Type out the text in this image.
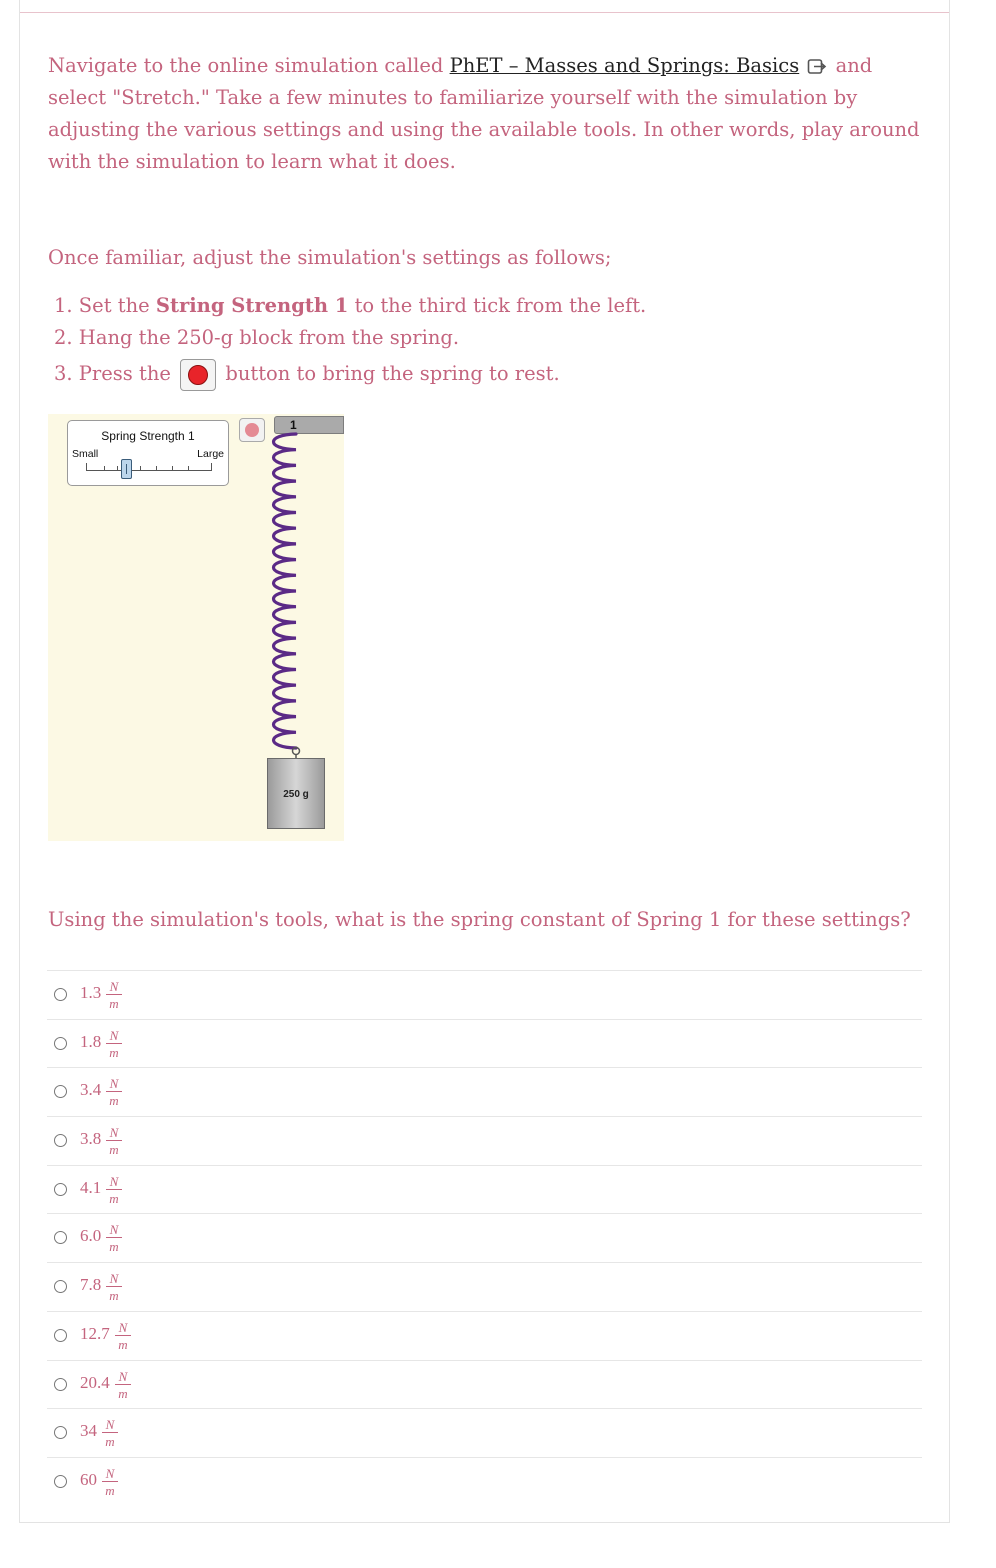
Navigate to the online simulation called PhET – Masses and Springs: Basics  and select "Stretch." Take a few minutes to familiarize yourself with the simulation by adjusting the various settings and using the available tools. In other words, play around with the simulation to learn what it does.

Once familiar, adjust the simulation's settings as follows;

1. Set the String Strength 1 to the third tick from the left.
2. Hang the 250-g block from the spring.
3. Press the
button to bring the spring to rest.
Spring Strength 1
Small	Large
1
250 g

Using the simulation's tools, what is the spring constant of Spring 1 for these settings?

1.3 N
m
1.8 N
m
3.4 N
m
3.8 N
m
4.1 N
m
6.0 N
m
7.8 N
m
12.7 N
m
20.4 N
m
34 N
m
60 N
m
